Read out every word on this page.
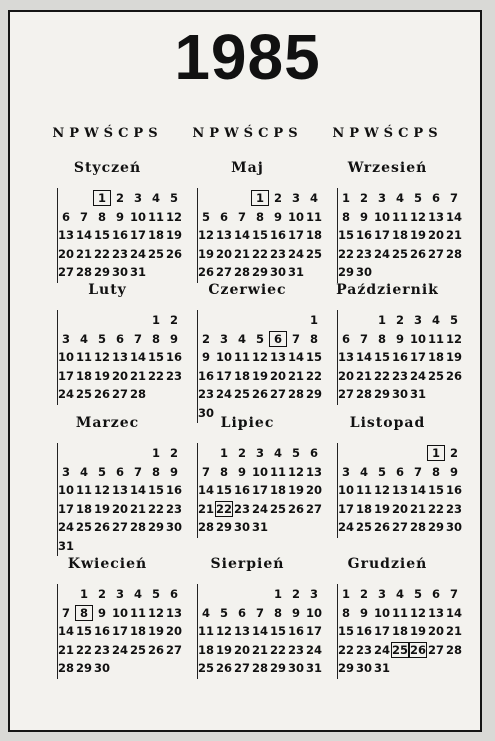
1985
NPWŚCPS	NPWŚCPS	NPWŚCPS
Styczeń
1 2 3 4 5
6 7 8 9 10 11 12
13 14 15 16 17 18 19
20 21 22 23 24 25 26
27 28 29 30 31
Maj
1 2 3 4
5 6 7 8 9 10 11
12 13 14 15 16 17 18
19 20 21 22 23 24 25
26 27 28 29 30 31
Wrzesień
1 2 3 4 5 6 7
8 9 10 11 12 13 14
15 16 17 18 19 20 21
22 23 24 25 26 27 28
29 30
Luty
1 2
3 4 5 6 7 8 9
10 11 12 13 14 15 16
17 18 19 20 21 22 23
24 25 26 27 28
Czerwiec
1
2 3 4 5 6 7 8
9 10 11 12 13 14 15
16 17 18 19 20 21 22
23 24 25 26 27 28 29
30
Październik
1 2 3 4 5
6 7 8 9 10 11 12
13 14 15 16 17 18 19
20 21 22 23 24 25 26
27 28 29 30 31
Marzec
1 2
3 4 5 6 7 8 9
10 11 12 13 14 15 16
17 18 19 20 21 22 23
24 25 26 27 28 29 30
31
Lipiec
1 2 3 4 5 6
7 8 9 10 11 12 13
14 15 16 17 18 19 20
21 22 23 24 25 26 27
28 29 30 31
Listopad
1 2
3 4 5 6 7 8 9
10 11 12 13 14 15 16
17 18 19 20 21 22 23
24 25 26 27 28 29 30
Kwiecień
1 2 3 4 5 6
7 8 9 10 11 12 13
14 15 16 17 18 19 20
21 22 23 24 25 26 27
28 29 30
Sierpień
1 2 3
4 5 6 7 8 9 10
11 12 13 14 15 16 17
18 19 20 21 22 23 24
25 26 27 28 29 30 31
Grudzień
1 2 3 4 5 6 7
8 9 10 11 12 13 14
15 16 17 18 19 20 21
22 23 24 25 26 27 28
29 30 31
